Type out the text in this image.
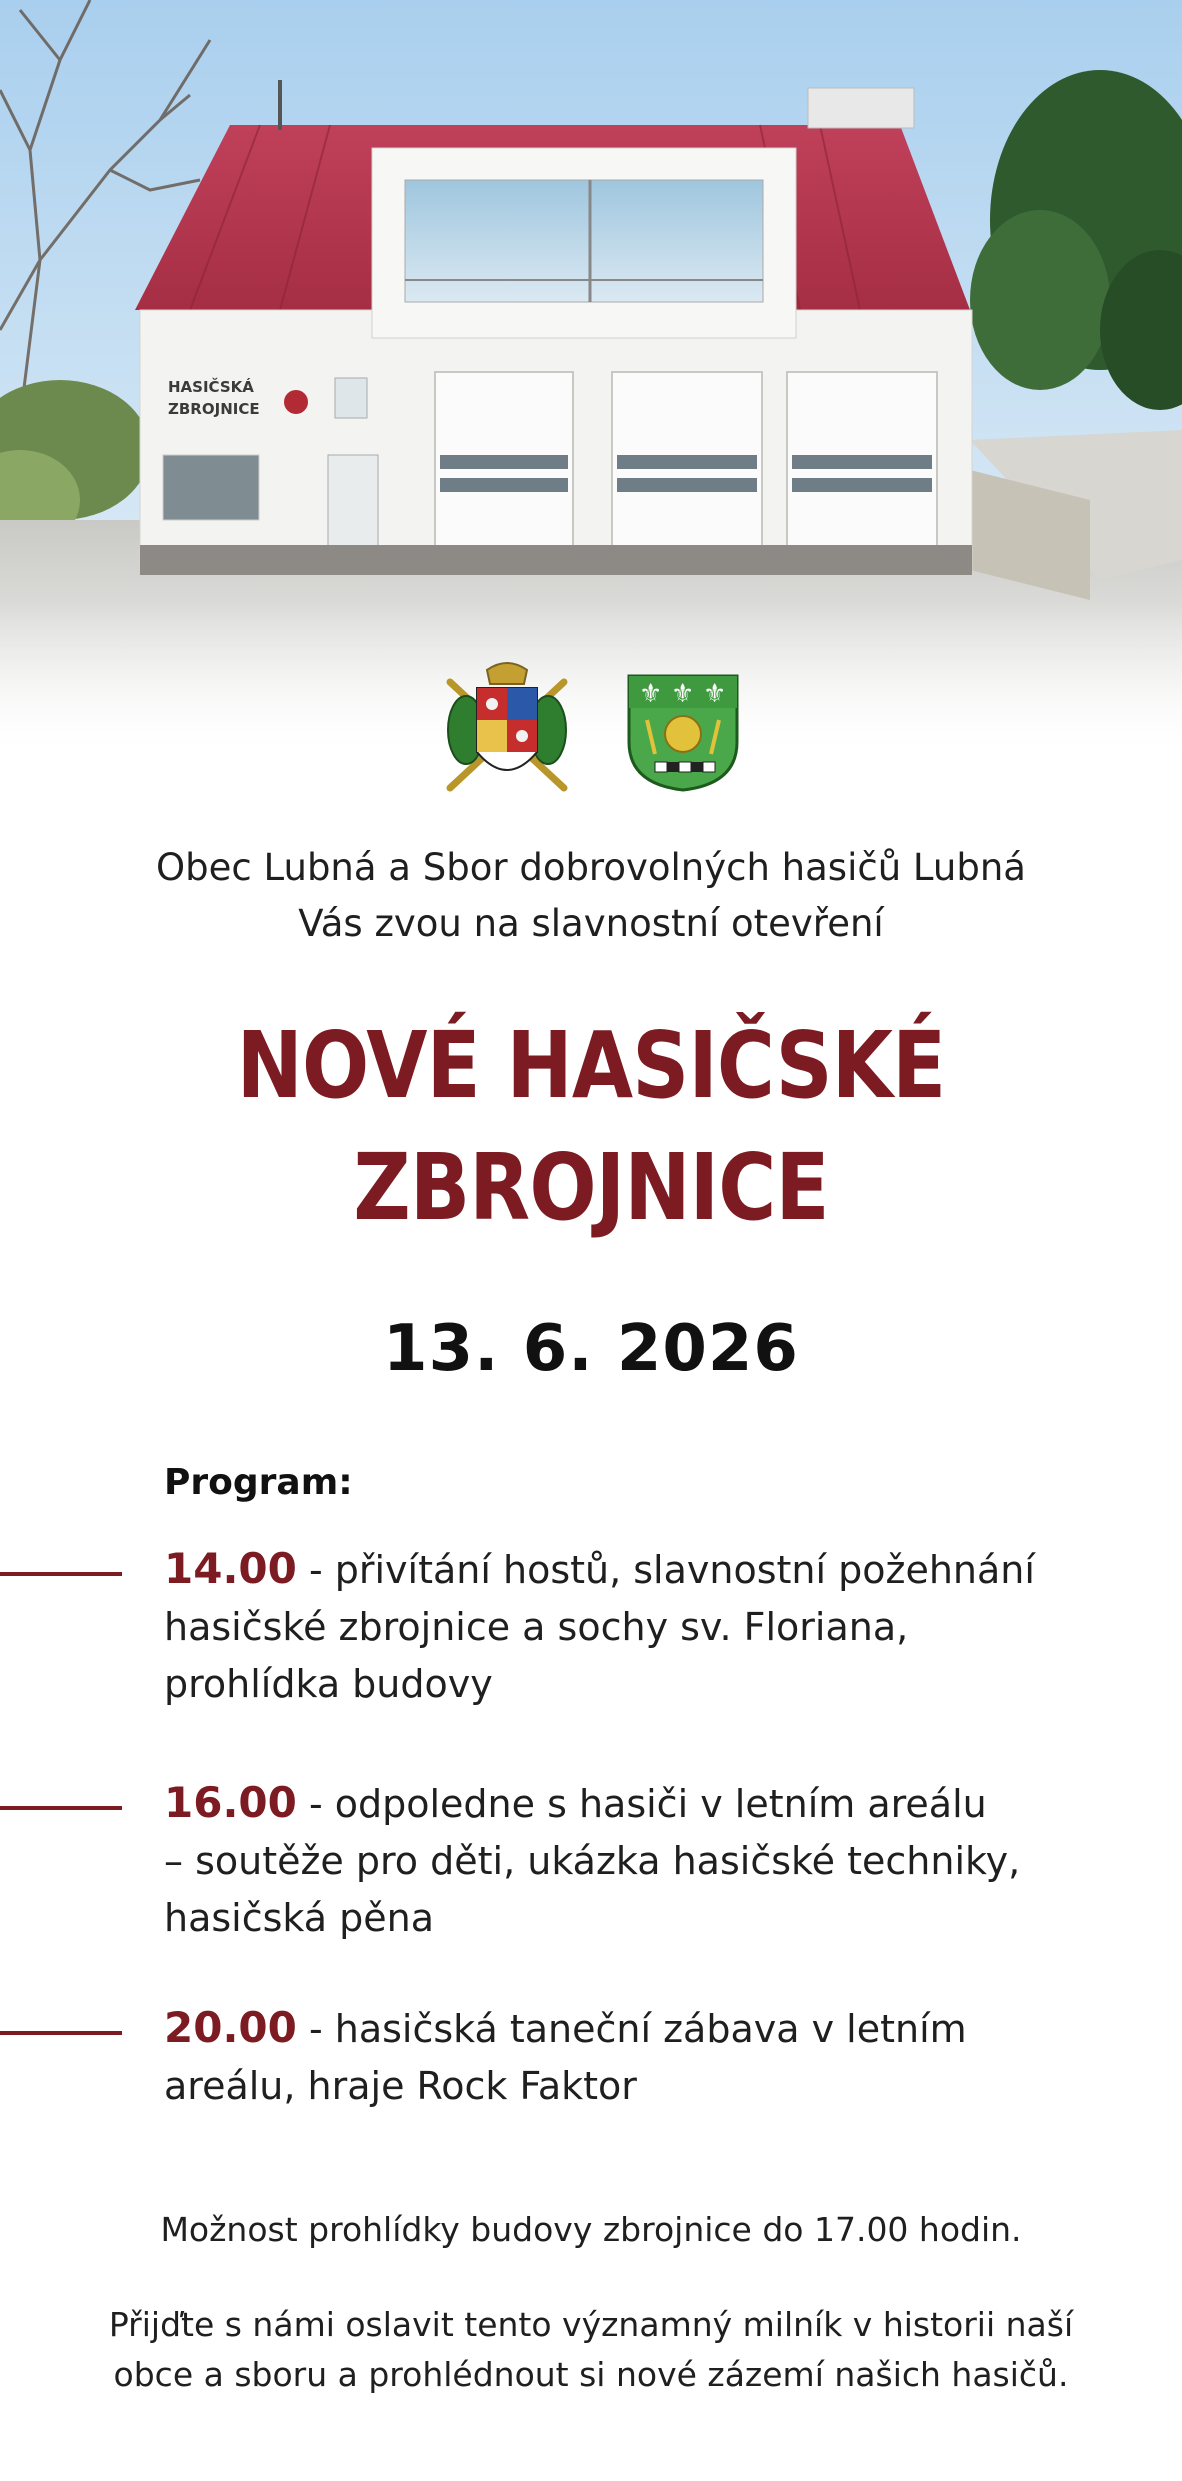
HASIČSKÁ
ZBROJNICE
⚜ ⚜ ⚜
Obec Lubná a Sbor dobrovolných hasičů Lubná
Vás zvou na slavnostní otevření
NOVÉ HASIČSKÉ
ZBROJNICE
13. 6. 2026
Program:
14.00 - přivítání hostů, slavnostní požehnání
hasičské zbrojnice a sochy sv. Floriana,
prohlídka budovy
16.00 - odpoledne s hasiči v letním areálu
– soutěže pro děti, ukázka hasičské techniky,
hasičská pěna
20.00 - hasičská taneční zábava v letním
areálu, hraje Rock Faktor
Možnost prohlídky budovy zbrojnice do 17.00 hodin.
Přijďte s námi oslavit tento významný milník v historii naší
obce a sboru a prohlédnout si nové zázemí našich hasičů.
